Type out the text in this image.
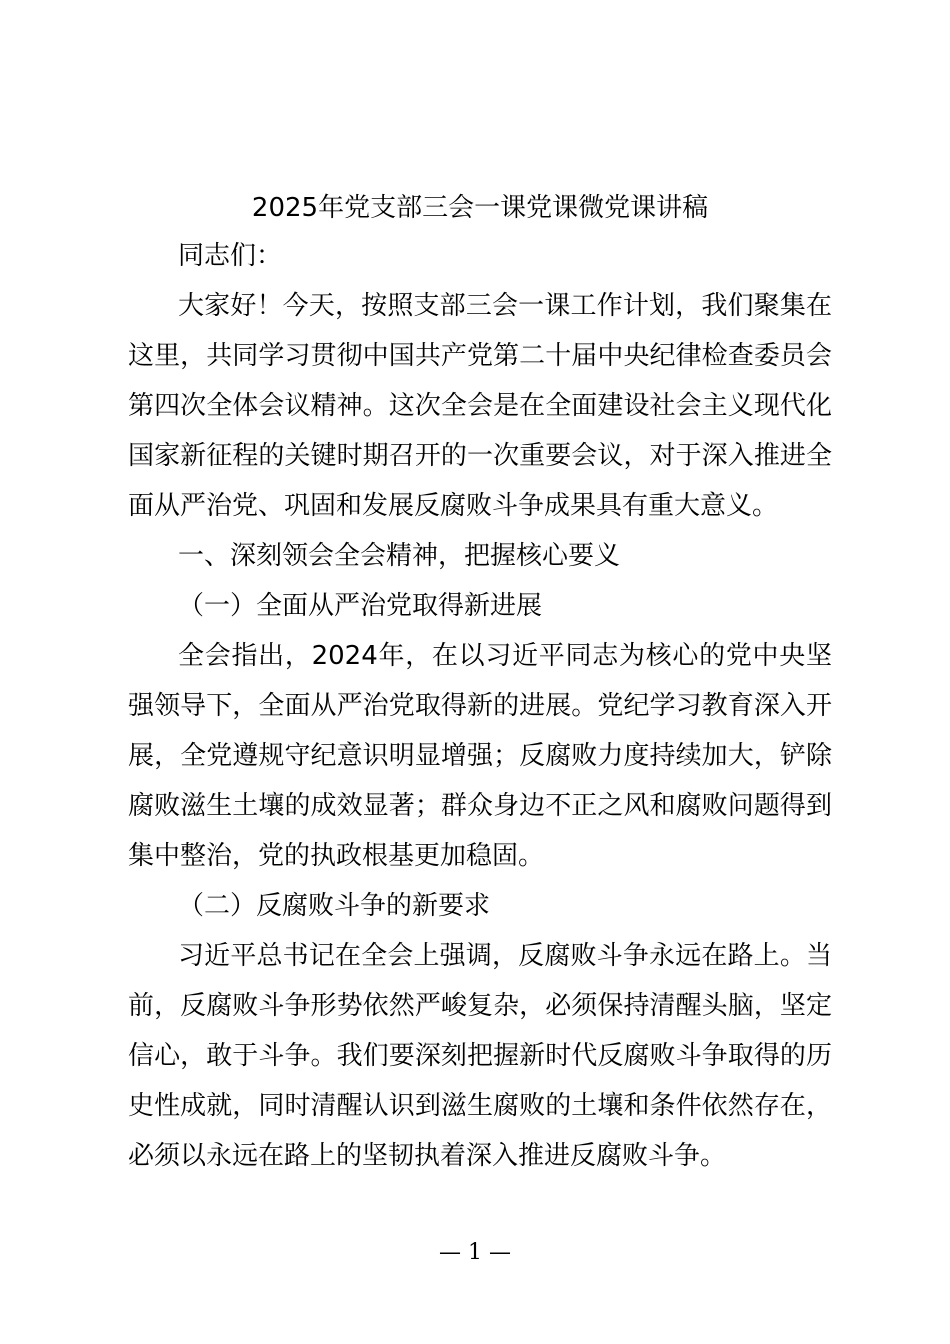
2025年党支部三会一课党课微党课讲稿
同志们：
大家好！今天，按照支部三会一课工作计划，我们聚集在
这里，共同学习贯彻中国共产党第二十届中央纪律检查委员会
第四次全体会议精神。这次全会是在全面建设社会主义现代化
国家新征程的关键时期召开的一次重要会议，对于深入推进全
面从严治党、巩固和发展反腐败斗争成果具有重大意义。
一、深刻领会全会精神，把握核心要义
（一）全面从严治党取得新进展
全会指出，2024年，在以习近平同志为核心的党中央坚
强领导下，全面从严治党取得新的进展。党纪学习教育深入开
展，全党遵规守纪意识明显增强；反腐败力度持续加大，铲除
腐败滋生土壤的成效显著；群众身边不正之风和腐败问题得到
集中整治，党的执政根基更加稳固。
（二）反腐败斗争的新要求
习近平总书记在全会上强调，反腐败斗争永远在路上。当
前，反腐败斗争形势依然严峻复杂，必须保持清醒头脑，坚定
信心，敢于斗争。我们要深刻把握新时代反腐败斗争取得的历
史性成就，同时清醒认识到滋生腐败的土壤和条件依然存在，
必须以永远在路上的坚韧执着深入推进反腐败斗争。
— 1 —
